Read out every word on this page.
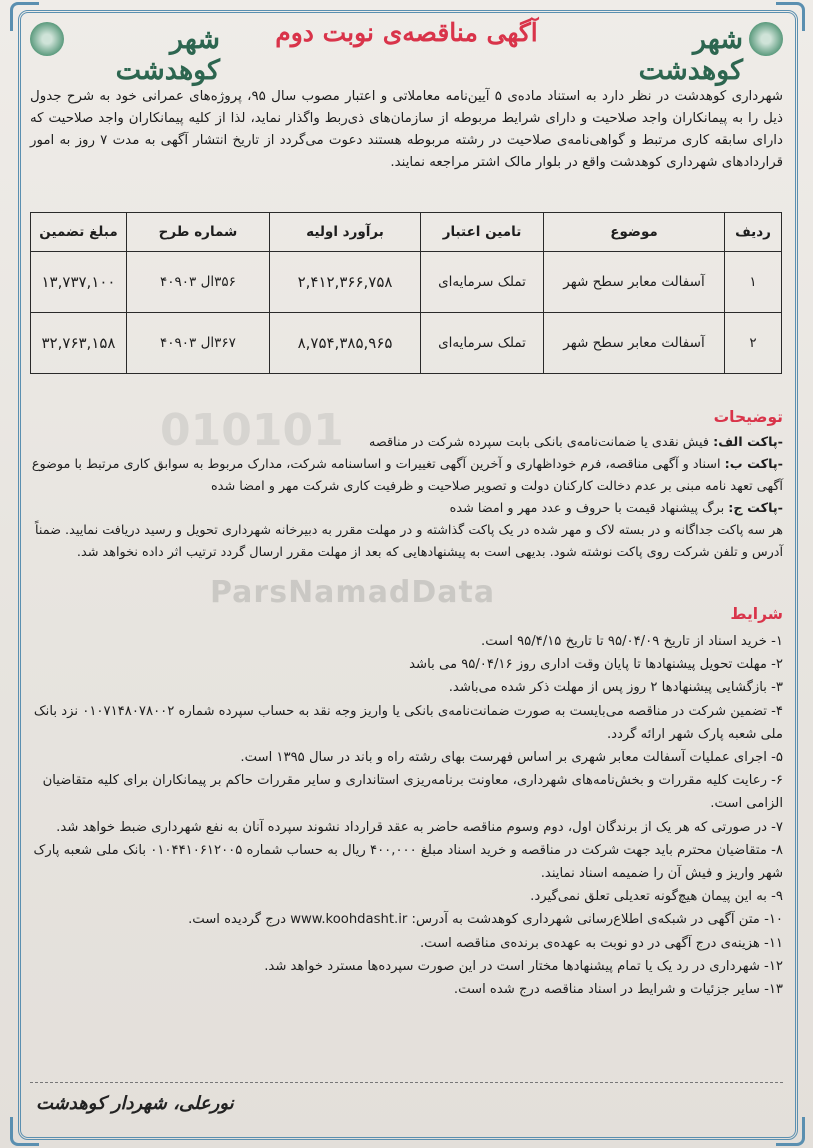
شهر کوهدشت
آگهی مناقصه‌ی نوبت دوم
شهر کوهدشت
شهرداری کوهدشت در نظر دارد به استناد ماده‌ی ۵ آیین‌نامه معاملاتی و اعتبار مصوب سال ۹۵، پروژه‌های عمرانی خود به شرح جدول ذیل را به پیمانکاران واجد صلاحیت و دارای شرایط مربوطه از سازمان‌های ذی‌ربط واگذار نماید، لذا از کلیه پیمانکاران واجد صلاحیت که دارای سابقه کاری مرتبط و گواهی‌نامه‌ی صلاحیت در رشته مربوطه هستند دعوت می‌گردد از تاریخ انتشار آگهی به مدت ۷ روز به امور قراردادهای شهرداری کوهدشت واقع در بلوار مالک اشتر مراجعه نمایند.
ردیف	موضوع	تامین اعتبار	برآورد اولیه	شماره طرح	مبلغ تضمین
۱	آسفالت معابر سطح شهر	تملک سرمایه‌ای	۲,۴۱۲,۳۶۶,۷۵۸	۳۵۶ال ۴۰۹۰۳	۱۳,۷۳۷,۱۰۰
۲	آسفالت معابر سطح شهر	تملک سرمایه‌ای	۸,۷۵۴,۳۸۵,۹۶۵	۳۶۷ال ۴۰۹۰۳	۳۲,۷۶۳,۱۵۸
010101	توضیحات

-پاکت الف: فیش نقدی یا ضمانت‌نامه‌ی بانکی بابت سپرده شرکت در مناقصه

-پاکت ب: اسناد و آگهی مناقصه، فرم خوداظهاری و آخرین آگهی تغییرات و اساسنامه شرکت، مدارک مربوط به سوابق کاری مرتبط با موضوع آگهی تعهد نامه مبنی بر عدم دخالت کارکنان دولت و تصویر صلاحیت و ظرفیت کاری شرکت مهر و امضا شده

-پاکت ج: برگ پیشنهاد قیمت با حروف و عدد مهر و امضا شده

هر سه پاکت جداگانه و در بسته لاک و مهر شده در یک پاکت گذاشته و در مهلت مقرر به دبیرخانه شهرداری تحویل و رسید دریافت نمایید. ضمناً آدرس و تلفن شرکت روی پاکت نوشته شود. بدیهی است به پیشنهادهایی که بعد از مهلت مقرر ارسال گردد ترتیب اثر داده نخواهد شد.

ParsNamadData
شرایط

۱- خرید اسناد از تاریخ ۹۵/۰۴/۰۹ تا تاریخ ۹۵/۴/۱۵ است.

۲- مهلت تحویل پیشنهادها تا پایان وقت اداری روز ۹۵/۰۴/۱۶ می باشد

۳- بازگشایی پیشنهادها ۲ روز پس از مهلت ذکر شده می‌باشد.

۴- تضمین شرکت در مناقصه می‌بایست به صورت ضمانت‌نامه‌ی بانکی یا واریز وجه نقد به حساب سپرده شماره ۰۱۰۷۱۴۸۰۷۸۰۰۲ نزد بانک ملی شعبه پارک شهر ارائه گردد.

۵- اجرای عملیات آسفالت معابر شهری بر اساس فهرست بهای رشته راه و باند در سال ۱۳۹۵ است.

۶- رعایت کلیه مقررات و بخش‌نامه‌های شهرداری، معاونت برنامه‌ریزی استانداری و سایر مقررات حاکم بر پیمانکاران برای کلیه متقاضیان الزامی است.

۷- در صورتی که هر یک از برندگان اول، دوم وسوم مناقصه حاضر به عقد قرارداد نشوند سپرده آنان به نفع شهرداری ضبط خواهد شد.

۸- متقاضیان محترم باید جهت شرکت در مناقصه و خرید اسناد مبلغ ۴۰۰,۰۰۰ ریال به حساب شماره ۰۱۰۴۴۱۰۶۱۲۰۰۵ بانک ملی شعبه پارک شهر واریز و فیش آن را ضمیمه اسناد نمایند.

۹- به این پیمان هیچ‌گونه تعدیلی تعلق نمی‌گیرد.

۱۰- متن آگهی در شبکه‌ی اطلاع‌رسانی شهرداری کوهدشت به آدرس: www.koohdasht.ir درج گردیده است.

۱۱- هزینه‌ی درج آگهی در دو نوبت به عهده‌ی برنده‌ی مناقصه است.

۱۲- شهرداری در رد یک یا تمام پیشنهادها مختار است در این صورت سپرده‌ها مسترد خواهد شد.

۱۳- سایر جزئیات و شرایط در اسناد مناقصه درج شده است.

نورعلی، شهردار کوهدشت
